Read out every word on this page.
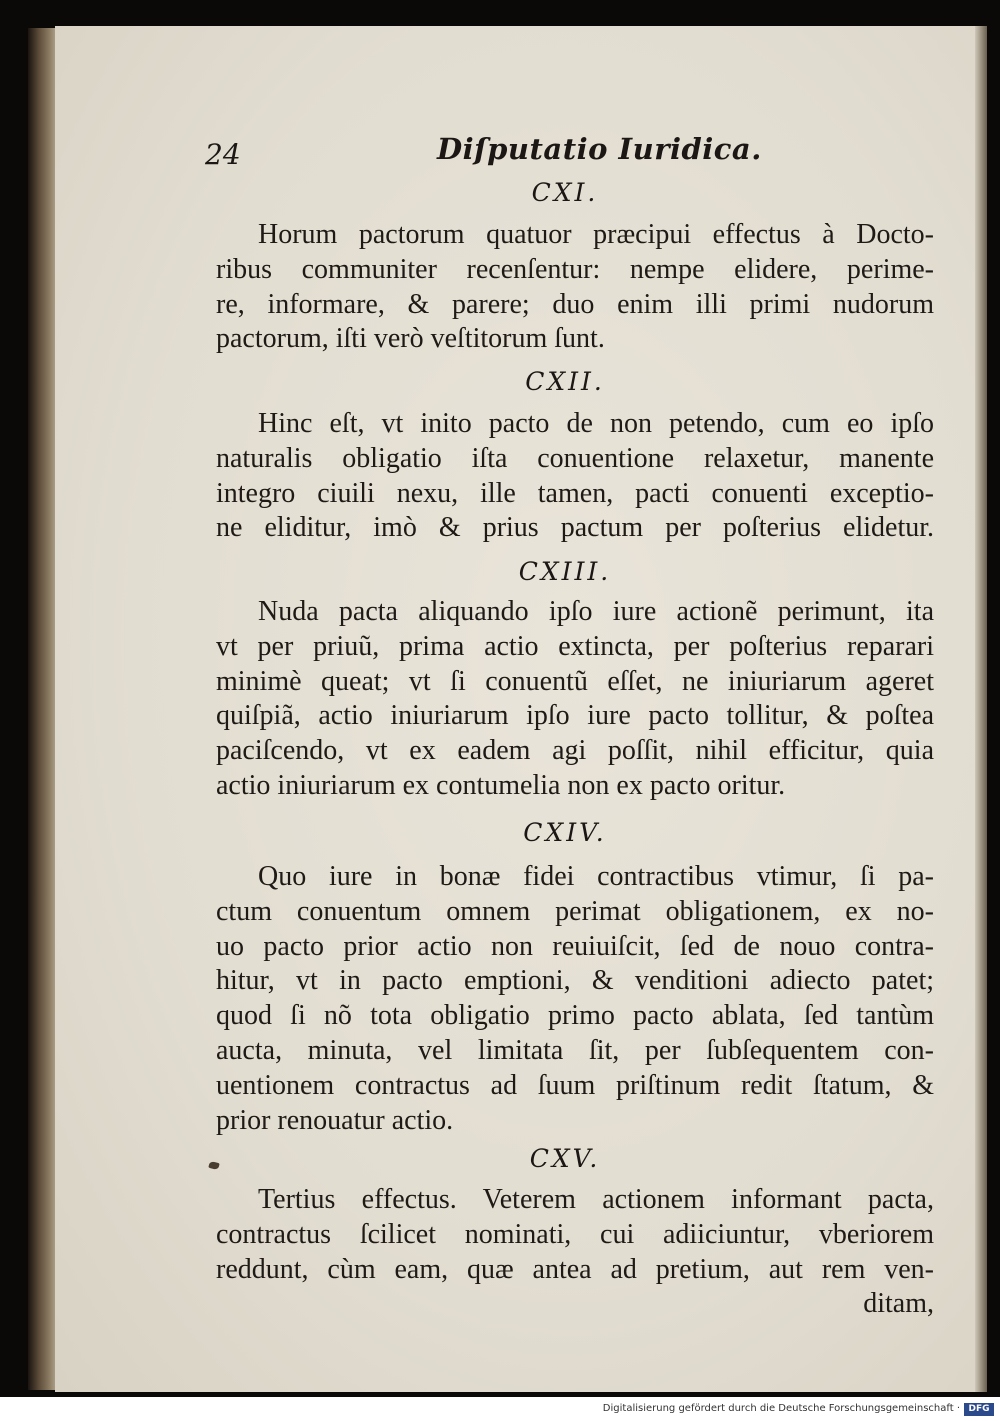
24	Diſputatio Iuridica.
CXI.
Horum pactorum quatuor præcipui effectus à Docto-
ribus communiter recenſentur: nempe elidere, perime-
re, informare, & parere; duo enim illi primi nudorum
pactorum, iſti verò veſtitorum ſunt.
CXII.
Hinc eſt, vt inito pacto de non petendo, cum eo ipſo
naturalis obligatio iſta conuentione relaxetur, manente
integro ciuili nexu, ille tamen, pacti conuenti exceptio-
ne eliditur, imò & prius pactum per poſterius elidetur.
CXIII.
Nuda pacta aliquando ipſo iure actionẽ perimunt, ita
vt per priuũ, prima actio extincta, per poſterius reparari
minimè queat; vt ſi conuentũ eſſet, ne iniuriarum ageret
quiſpiã, actio iniuriarum ipſo iure pacto tollitur, & poſtea
paciſcendo, vt ex eadem agi poſſit, nihil efficitur, quia
actio iniuriarum ex contumelia non ex pacto oritur.
CXIV.
Quo iure in bonæ fidei contractibus vtimur, ſi pa-
ctum conuentum omnem perimat obligationem, ex no-
uo pacto prior actio non reuiuiſcit, ſed de nouo contra-
hitur, vt in pacto emptioni, & venditioni adiecto patet;
quod ſi nõ tota obligatio primo pacto ablata, ſed tantùm
aucta, minuta, vel limitata ſit, per ſubſequentem con-
uentionem contractus ad ſuum priſtinum redit ſtatum, &
prior renouatur actio.
CXV.
Tertius effectus. Veterem actionem informant pacta,
contractus ſcilicet nominati, cui adiiciuntur, vberiorem
reddunt, cùm eam, quæ antea ad pretium, aut rem ven-
ditam,
Digitalisierung gefördert durch die Deutsche Forschungsgemeinschaft · DFG
